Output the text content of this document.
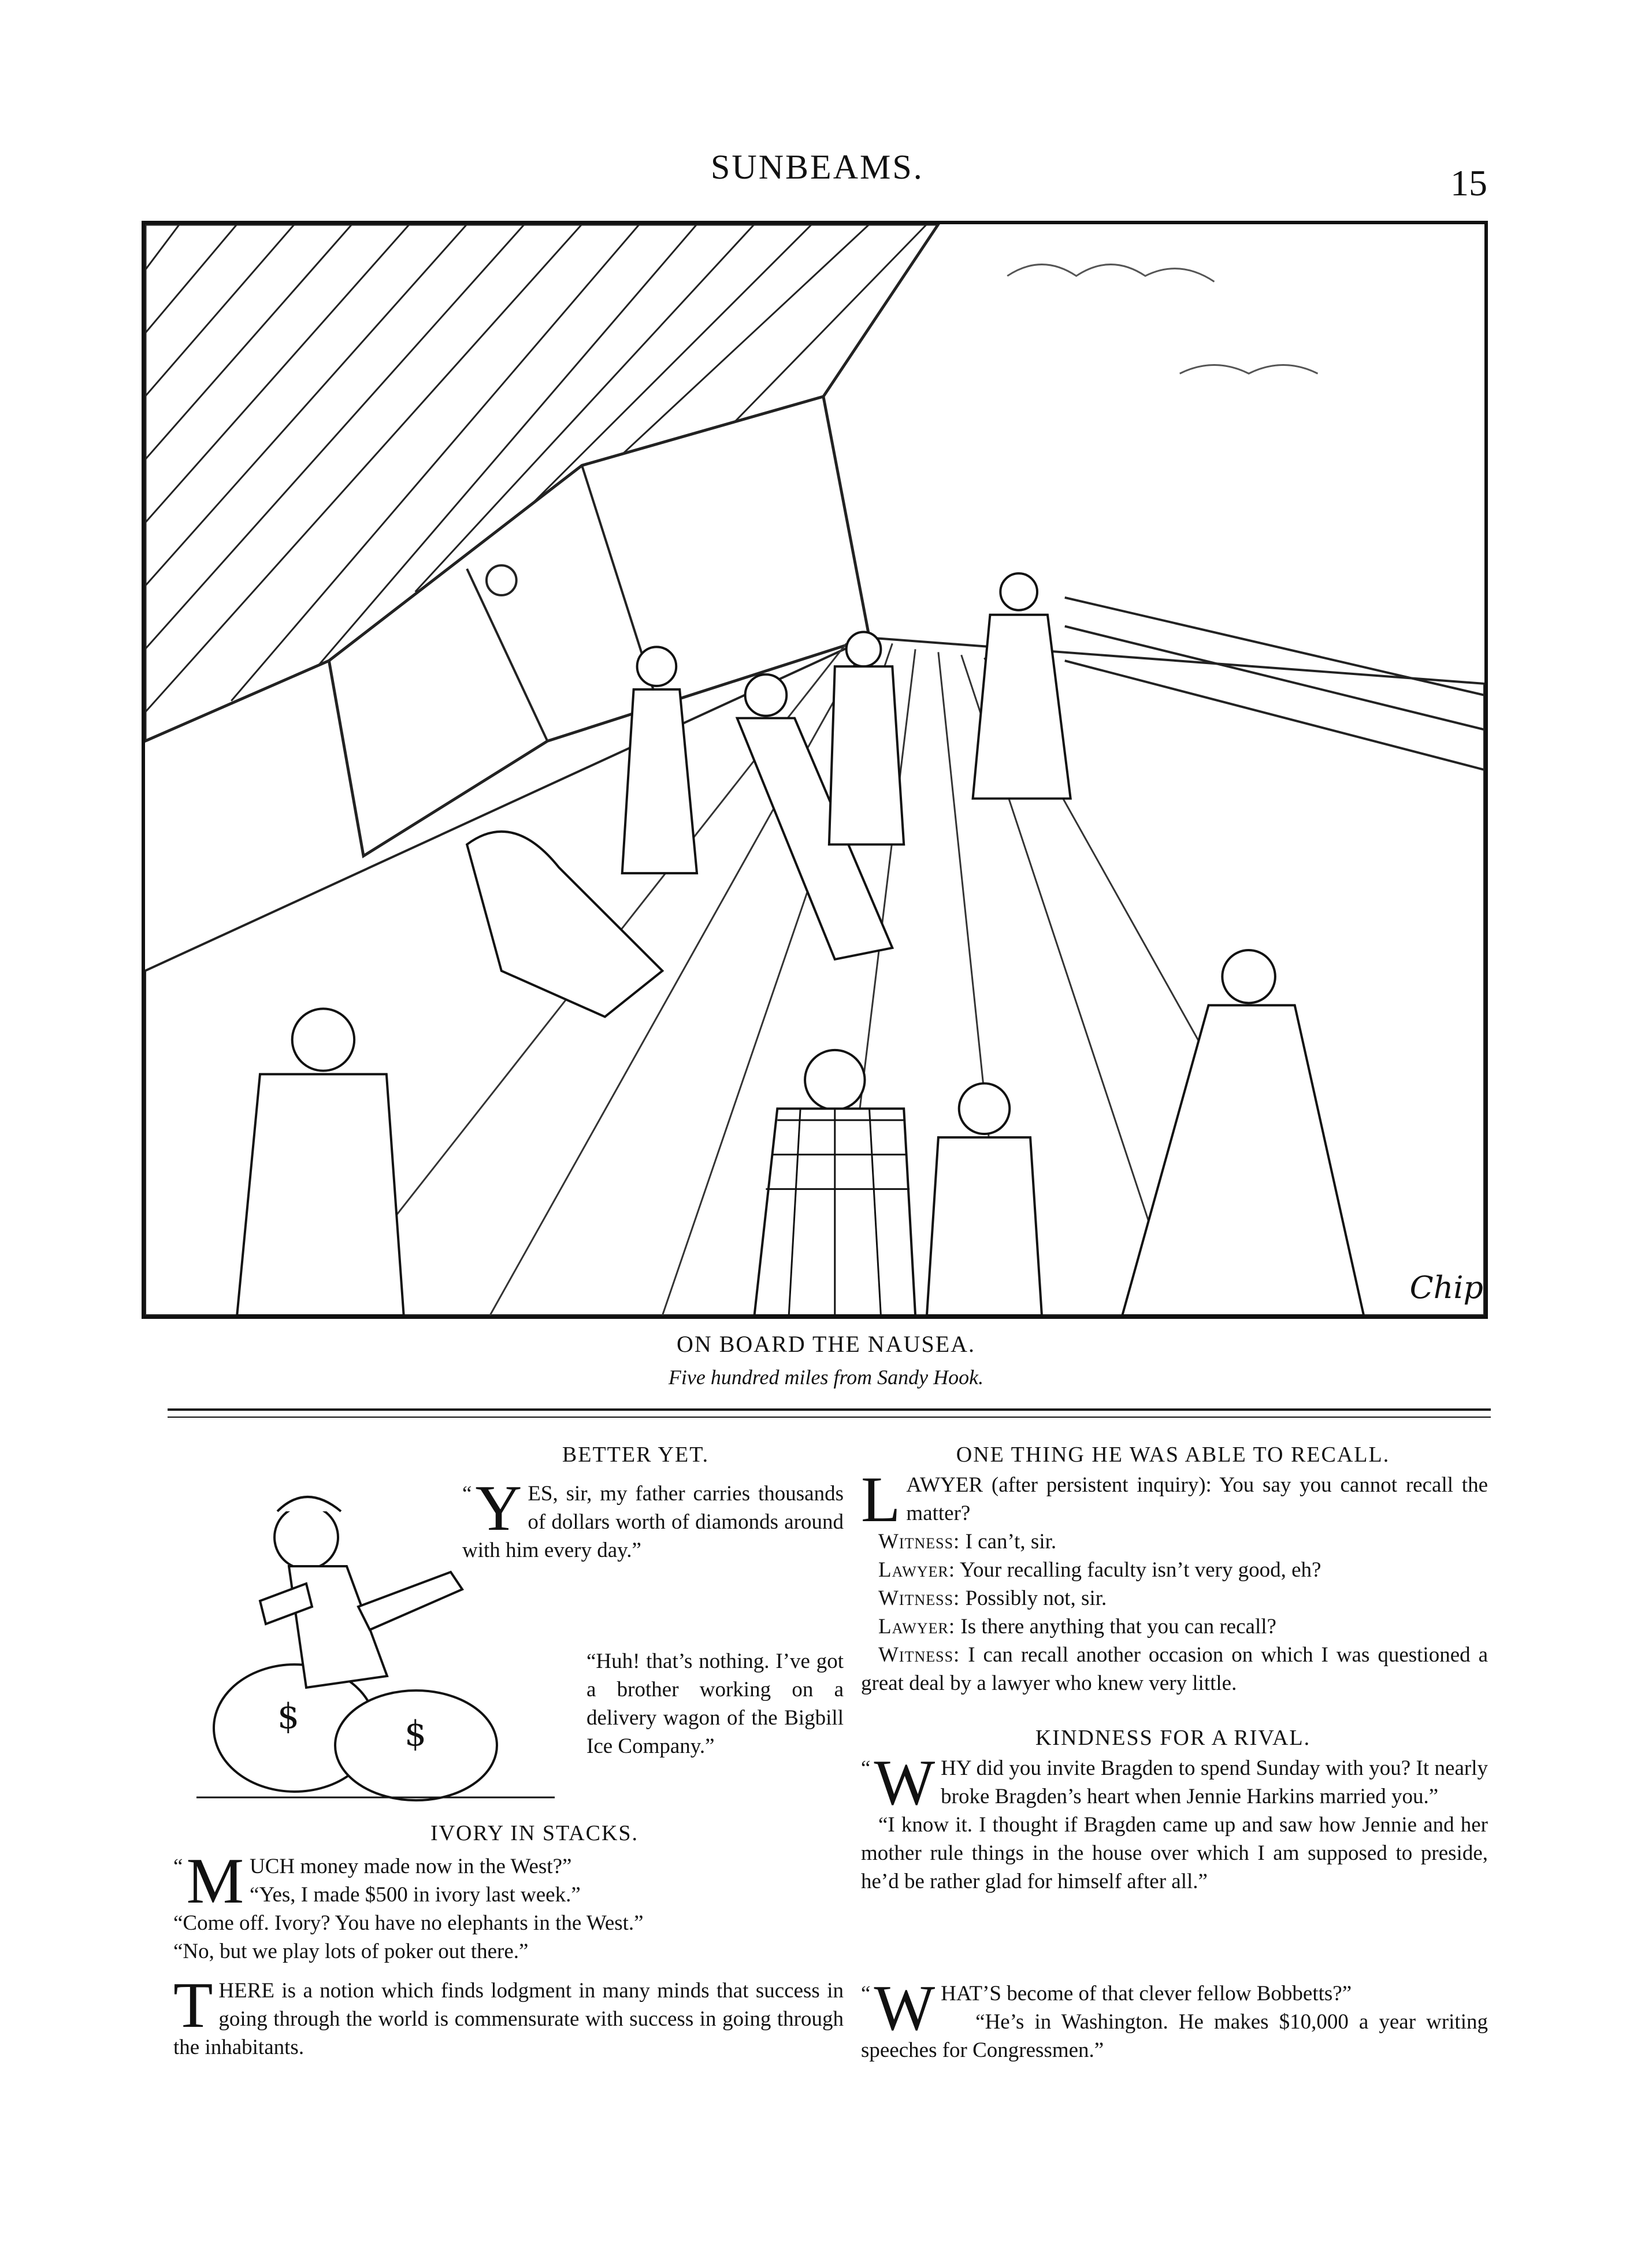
SUNBEAMS.	15
Chip
ON BOARD THE NAUSEA.
Five hundred miles from Sandy Hook.
BETTER YET.
$	$
“ Y ES, sir, my father carries thousands of dollars worth of diamonds around with him every day.”
“Huh! that’s nothing. I’ve got a brother working on a delivery wagon of the Bigbill Ice Company.”
IVORY IN STACKS.
“ M UCH money made now in the West?”
“Yes, I made $500 in ivory last week.”
“Come off. Ivory? You have no elephants in the West.”
“No, but we play lots of poker out there.”
THERE is a notion which finds lodgment in many minds that success in going through the world is commensurate with success in going through the inhabitants.
ONE THING HE WAS ABLE TO RECALL.
LAWYER (after persistent inquiry): You say you cannot recall the matter?
Witness: I can’t, sir.
Lawyer: Your recalling faculty isn’t very good, eh?
Witness: Possibly not, sir.
Lawyer: Is there anything that you can recall?
Witness: I can recall another occasion on which I was questioned a great deal by a lawyer who knew very little.
KINDNESS FOR A RIVAL.
“ W HY did you invite Bragden to spend Sunday with you? It nearly broke Bragden’s heart when Jennie Harkins married you.”
“I know it. I thought if Bragden came up and saw how Jennie and her mother rule things in the house over which I am supposed to preside, he’d be rather glad for himself after all.”
“ W HAT’S become of that clever fellow Bobbetts?”
“He’s in Washington. He makes $10,000 a year writing speeches for Congressmen.”
